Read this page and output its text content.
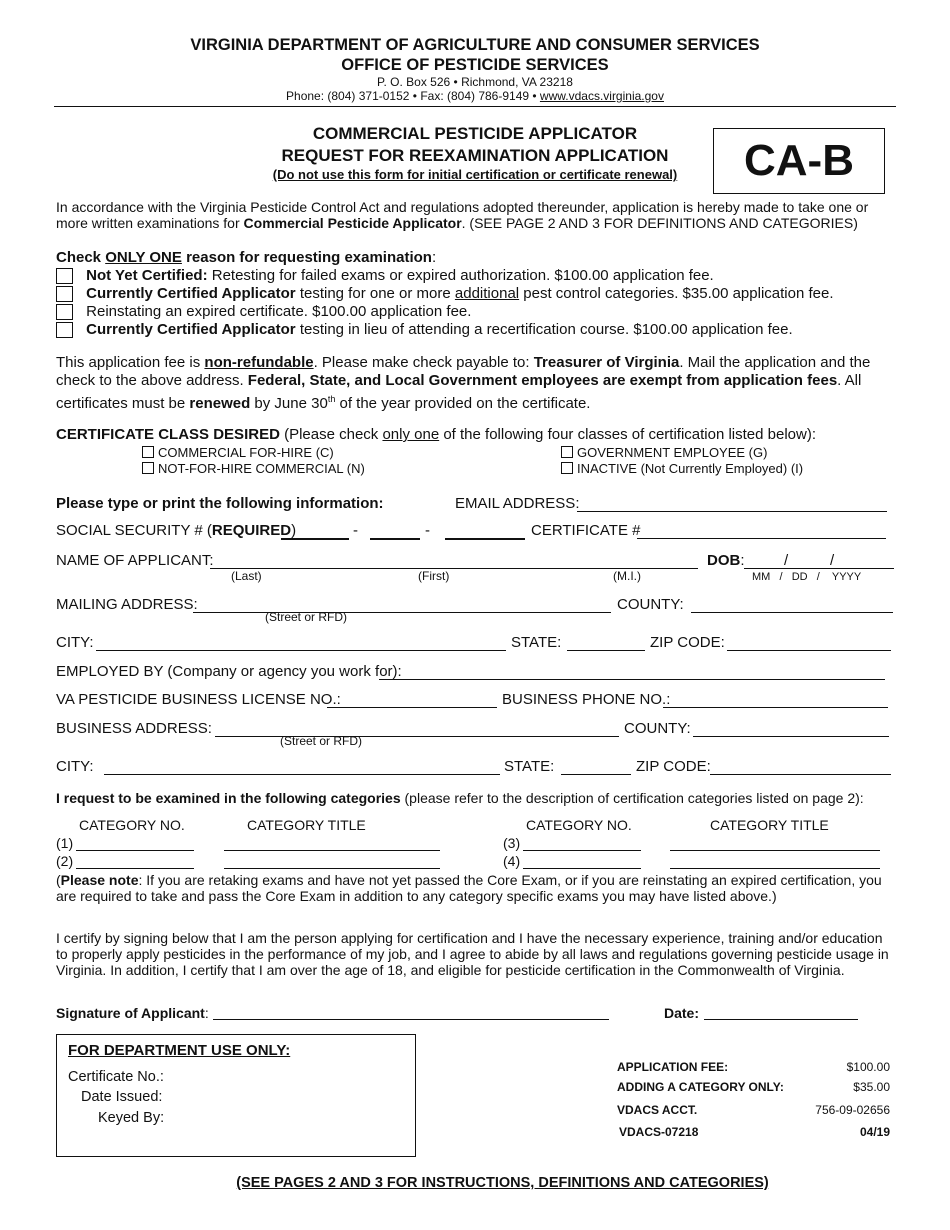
VIRGINIA DEPARTMENT OF AGRICULTURE AND CONSUMER SERVICES
OFFICE OF PESTICIDE SERVICES
P. O. Box 526 • Richmond, VA 23218
Phone: (804) 371-0152 • Fax: (804) 786-9149 • www.vdacs.virginia.gov
COMMERCIAL PESTICIDE APPLICATOR
REQUEST FOR REEXAMINATION APPLICATION
(Do not use this form for initial certification or certificate renewal)	CA-B
In accordance with the Virginia Pesticide Control Act and regulations adopted thereunder, application is hereby made to take one or more written examinations for Commercial Pesticide Applicator. (SEE PAGE 2 AND 3 FOR DEFINITIONS AND CATEGORIES)
Check ONLY ONE reason for requesting examination:
Not Yet Certified: Retesting for failed exams or expired authorization. $100.00 application fee.
Currently Certified Applicator testing for one or more additional pest control categories. $35.00 application fee.
Reinstating an expired certificate. $100.00 application fee.
Currently Certified Applicator testing in lieu of attending a recertification course. $100.00 application fee.
This application fee is non-refundable. Please make check payable to: Treasurer of Virginia. Mail the application and the check to the above address. Federal, State, and Local Government employees are exempt from application fees. All certificates must be renewed by June 30th of the year provided on the certificate.
CERTIFICATE CLASS DESIRED (Please check only one of the following four classes of certification listed below):
COMMERCIAL FOR-HIRE (C)
NOT-FOR-HIRE COMMERCIAL (N)
GOVERNMENT EMPLOYEE (G)
INACTIVE (Not Currently Employed) (I)
Please type or print the following information:	EMAIL ADDRESS:
SOCIAL SECURITY # (REQUIRED)	-	-	CERTIFICATE #
NAME OF APPLICANT:
(Last)	(First)	(M.I.)
DOB:	/	/
MM   /   DD   /    YYYY
MAILING ADDRESS:
(Street or RFD)
COUNTY:
CITY:	STATE:	ZIP CODE:
EMPLOYED BY (Company or agency you work for):
VA PESTICIDE BUSINESS LICENSE NO.:	BUSINESS PHONE NO.:
BUSINESS ADDRESS:
(Street or RFD)
COUNTY:
CITY:	STATE:	ZIP CODE:
I request to be examined in the following categories (please refer to the description of certification categories listed on page 2):
CATEGORY NO.	CATEGORY TITLE	CATEGORY NO.	CATEGORY TITLE
(1)
(2)
(3)
(4)
(Please note: If you are retaking exams and have not yet passed the Core Exam, or if you are reinstating an expired certification, you are required to take and pass the Core Exam in addition to any category specific exams you may have listed above.)
I certify by signing below that I am the person applying for certification and I have the necessary experience, training and/or education to properly apply pesticides in the performance of my job, and I agree to abide by all laws and regulations governing pesticide usage in Virginia. In addition, I certify that I am over the age of 18, and eligible for pesticide certification in the Commonwealth of Virginia.
Signature of Applicant:	Date:
FOR DEPARTMENT USE ONLY:
Certificate No.:
Date Issued:
Keyed By:
APPLICATION FEE:	$100.00
ADDING A CATEGORY ONLY:	$35.00
VDACS ACCT.	756-09-02656
VDACS-07218	04/19
(SEE PAGES 2 AND 3 FOR INSTRUCTIONS, DEFINITIONS AND CATEGORIES)
